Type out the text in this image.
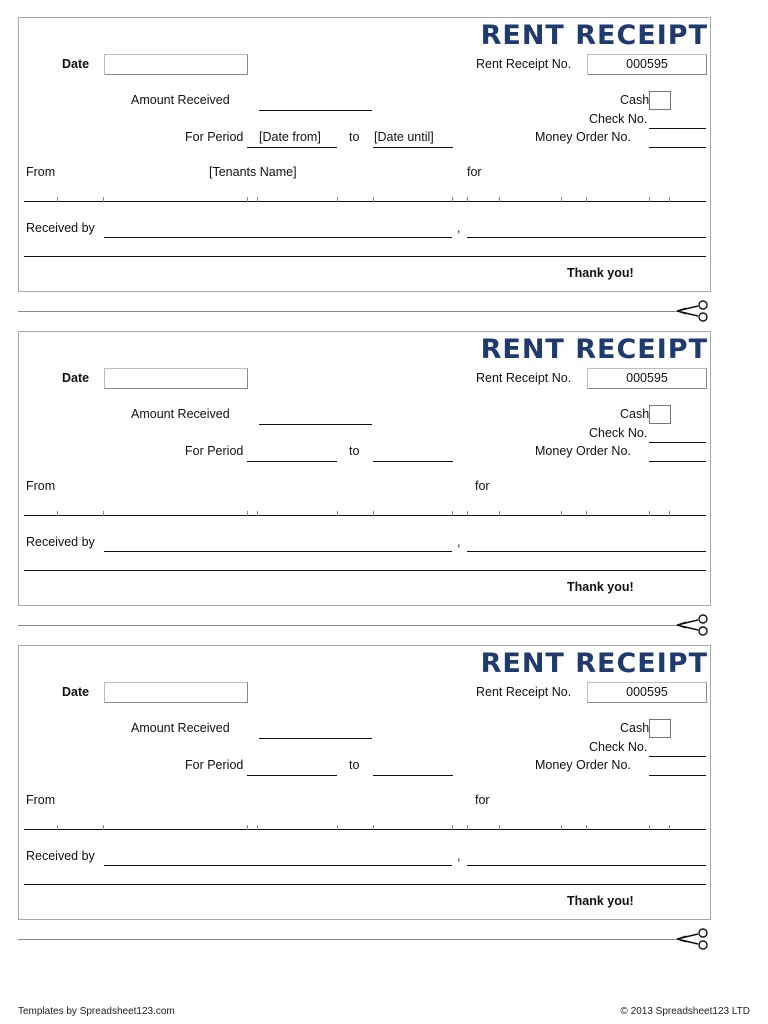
RENT RECEIPT
Date	Rent Receipt No.	000595
Amount Received	Cash
Check No.
For Period [Date from] to [Date until]	Money Order No.
From	[Tenants Name]	for
Received by	,
Thank you!
RENT RECEIPT
Date	Rent Receipt No.	000595
Amount Received	Cash
Check No.
For Period	to	Money Order No.
From	for
Received by	,
Thank you!
RENT RECEIPT
Date	Rent Receipt No.	000595
Amount Received	Cash
Check No.
For Period	to	Money Order No.
From	for
Received by	,
Thank you!
Templates by Spreadsheet123.com	© 2013 Spreadsheet123 LTD
